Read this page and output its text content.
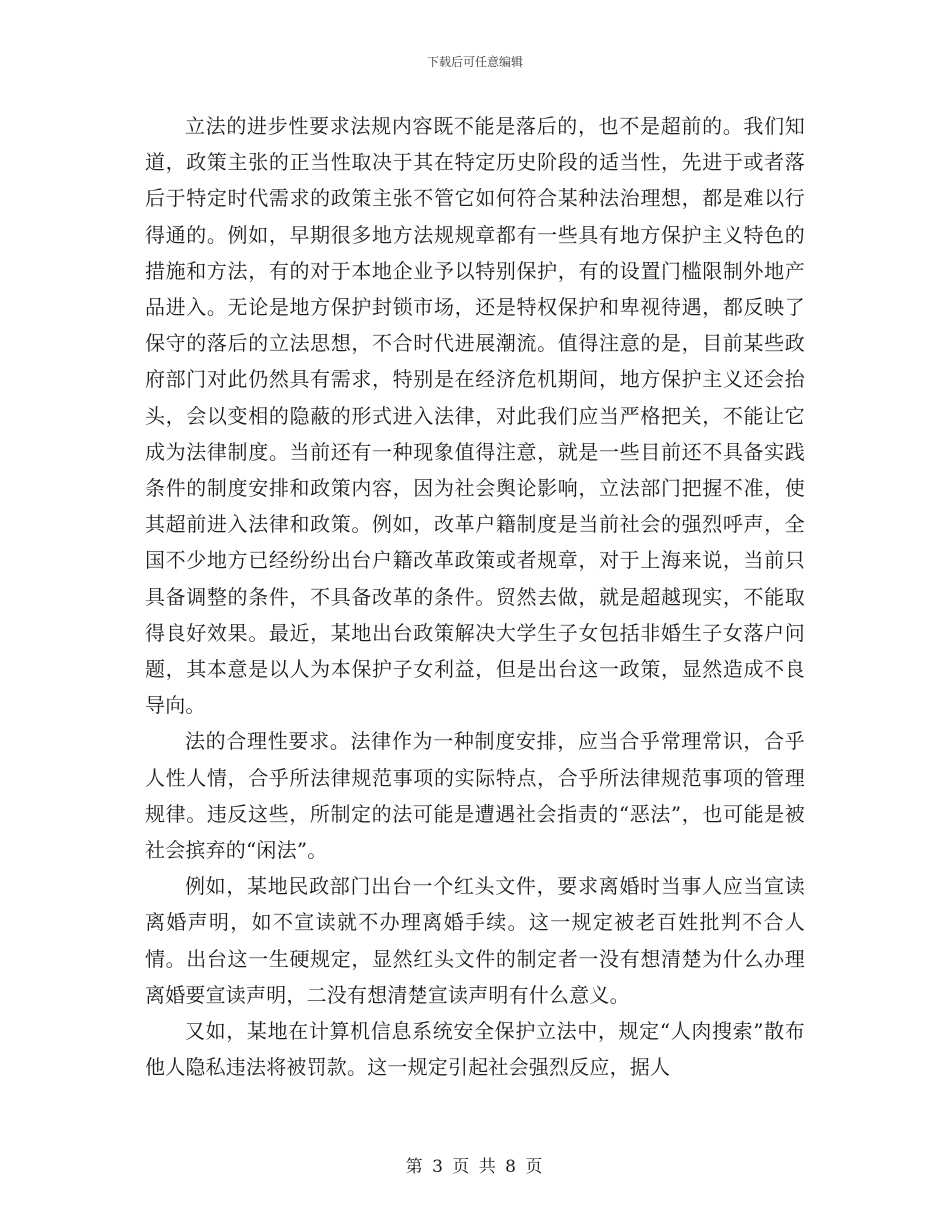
下载后可任意编辑

立法的进步性要求法规内容既不能是落后的，也不是超前的。我们知道，政策主张的正当性取决于其在特定历史阶段的适当性，先进于或者落后于特定时代需求的政策主张不管它如何符合某种法治理想，都是难以行得通的。例如，早期很多地方法规规章都有一些具有地方保护主义特色的措施和方法，有的对于本地企业予以特别保护，有的设置门槛限制外地产品进入。无论是地方保护封锁市场，还是特权保护和卑视待遇，都反映了保守的落后的立法思想，不合时代进展潮流。值得注意的是，目前某些政府部门对此仍然具有需求，特别是在经济危机期间，地方保护主义还会抬头，会以变相的隐蔽的形式进入法律，对此我们应当严格把关，不能让它成为法律制度。当前还有一种现象值得注意，就是一些目前还不具备实践条件的制度安排和政策内容，因为社会舆论影响，立法部门把握不准，使其超前进入法律和政策。例如，改革户籍制度是当前社会的强烈呼声，全国不少地方已经纷纷出台户籍改革政策或者规章，对于上海来说，当前只具备调整的条件，不具备改革的条件。贸然去做，就是超越现实，不能取得良好效果。最近，某地出台政策解决大学生子女包括非婚生子女落户问题，其本意是以人为本保护子女利益，但是出台这一政策，显然造成不良导向。

法的合理性要求。法律作为一种制度安排，应当合乎常理常识，合乎人性人情，合乎所法律规范事项的实际特点，合乎所法律规范事项的管理规律。违反这些，所制定的法可能是遭遇社会指责的“恶法”，也可能是被社会摈弃的“闲法”。

例如，某地民政部门出台一个红头文件，要求离婚时当事人应当宣读离婚声明，如不宣读就不办理离婚手续。这一规定被老百姓批判不合人情。出台这一生硬规定，显然红头文件的制定者一没有想清楚为什么办理离婚要宣读声明，二没有想清楚宣读声明有什么意义。

又如，某地在计算机信息系统安全保护立法中，规定“人肉搜索”散布他人隐私违法将被罚款。这一规定引起社会强烈反应，据人

第 3 页 共 8 页
